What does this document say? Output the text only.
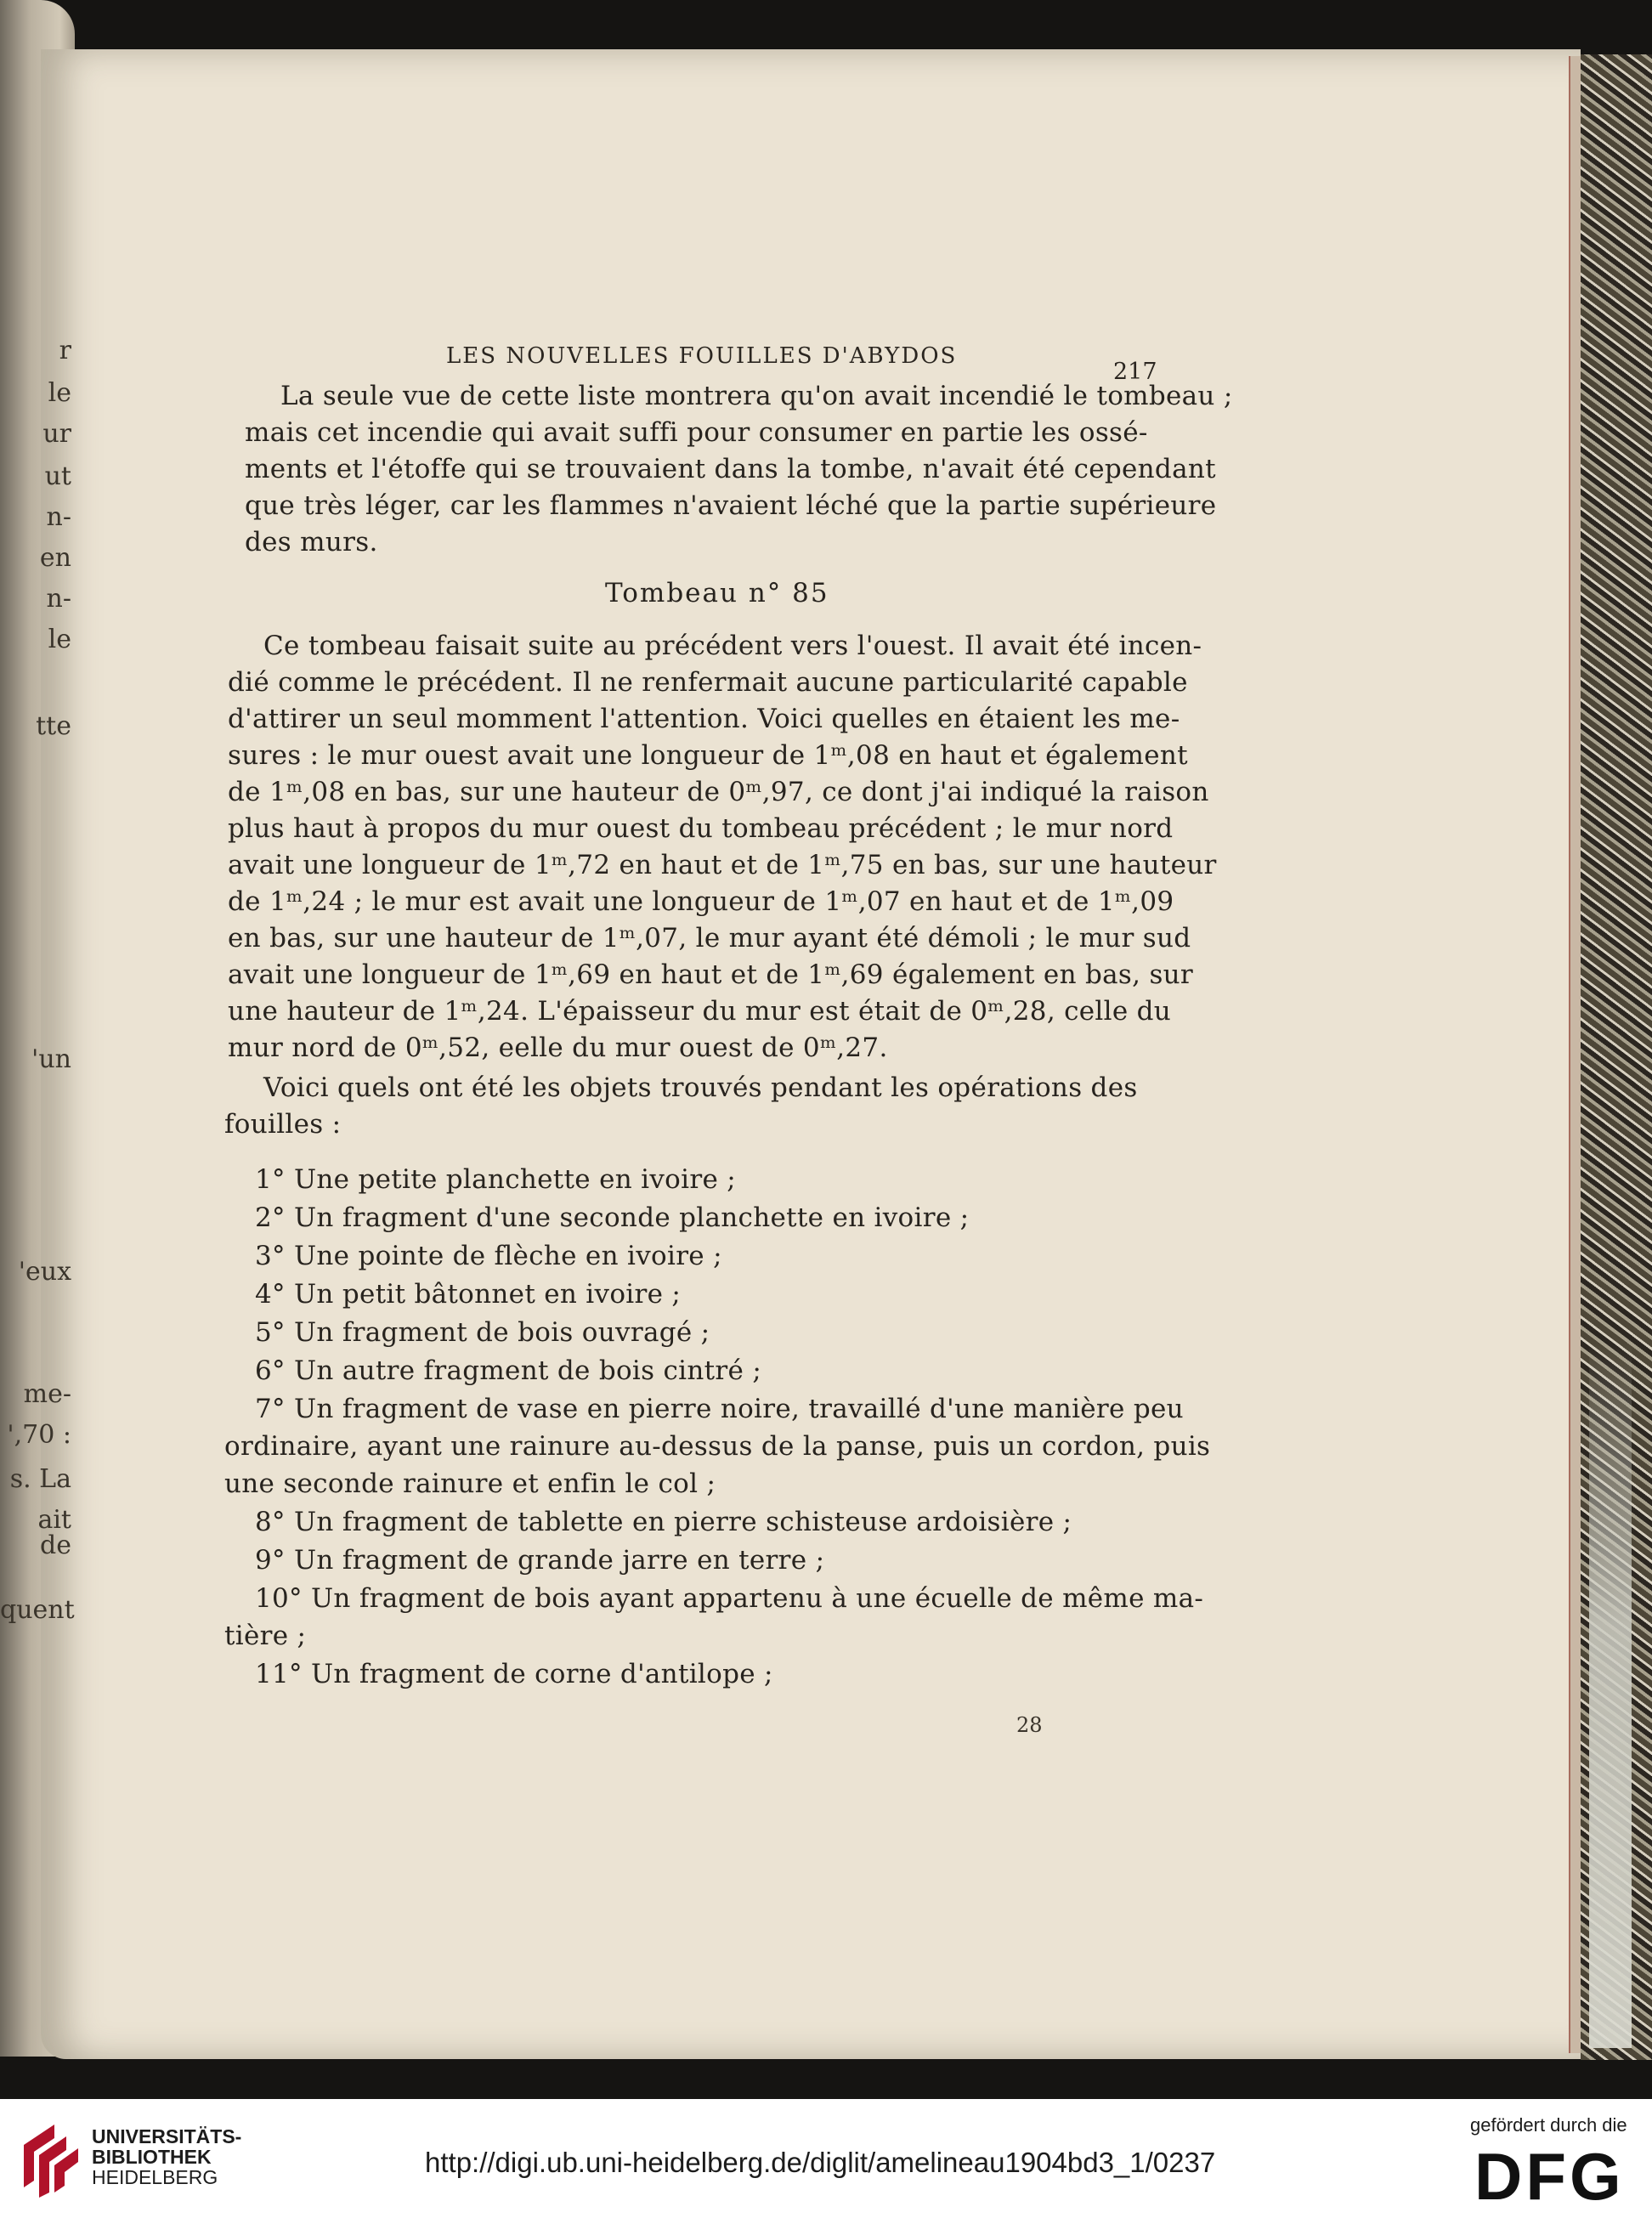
r
le
ur
ut
n-
en
n-
le
tte
'un
'eux
me-
',70 :
s. La
ait de
quent
LES NOUVELLES FOUILLES D'ABYDOS
217
Tombeau n° 85
La seule vue de cette liste montrera qu'on avait incendié le tombeau ;
mais cet incendie qui avait suffi pour consumer en partie les ossé-
ments et l'étoffe qui se trouvaient dans la tombe, n'avait été cependant
que très léger, car les flammes n'avaient léché que la partie supérieure
des murs.
Ce tombeau faisait suite au précédent vers l'ouest. Il avait été incen-
dié comme le précédent. Il ne renfermait aucune particularité capable
d'attirer un seul momment l'attention. Voici quelles en étaient les me-
sures : le mur ouest avait une longueur de 1ᵐ,08 en haut et également
de 1ᵐ,08 en bas, sur une hauteur de 0ᵐ,97, ce dont j'ai indiqué la raison
plus haut à propos du mur ouest du tombeau précédent ; le mur nord
avait une longueur de 1ᵐ,72 en haut et de 1ᵐ,75 en bas, sur une hauteur
de 1ᵐ,24 ; le mur est avait une longueur de 1ᵐ,07 en haut et de 1ᵐ,09
en bas, sur une hauteur de 1ᵐ,07, le mur ayant été démoli ; le mur sud
avait une longueur de 1ᵐ,69 en haut et de 1ᵐ,69 également en bas, sur
une hauteur de 1ᵐ,24. L'épaisseur du mur est était de 0ᵐ,28, celle du
mur nord de 0ᵐ,52, eelle du mur ouest de 0ᵐ,27.
Voici quels ont été les objets trouvés pendant les opérations des
fouilles :
1° Une petite planchette en ivoire ;
2° Un fragment d'une seconde planchette en ivoire ;
3° Une pointe de flèche en ivoire ;
4° Un petit bâtonnet en ivoire ;
5° Un fragment de bois ouvragé ;
6° Un autre fragment de bois cintré ;
7° Un fragment de vase en pierre noire, travaillé d'une manière peu
ordinaire, ayant une rainure au-dessus de la panse, puis un cordon, puis
une seconde rainure et enfin le col ;
8° Un fragment de tablette en pierre schisteuse ardoisière ;
9° Un fragment de grande jarre en terre ;
10° Un fragment de bois ayant appartenu à une écuelle de même ma-
tière ;
11° Un fragment de corne d'antilope ;
28
UNIVERSITÄTS-
BIBLIOTHEK
HEIDELBERG	http://digi.ub.uni-heidelberg.de/diglit/amelineau1904bd3_1/0237
gefördert durch die
DFG
